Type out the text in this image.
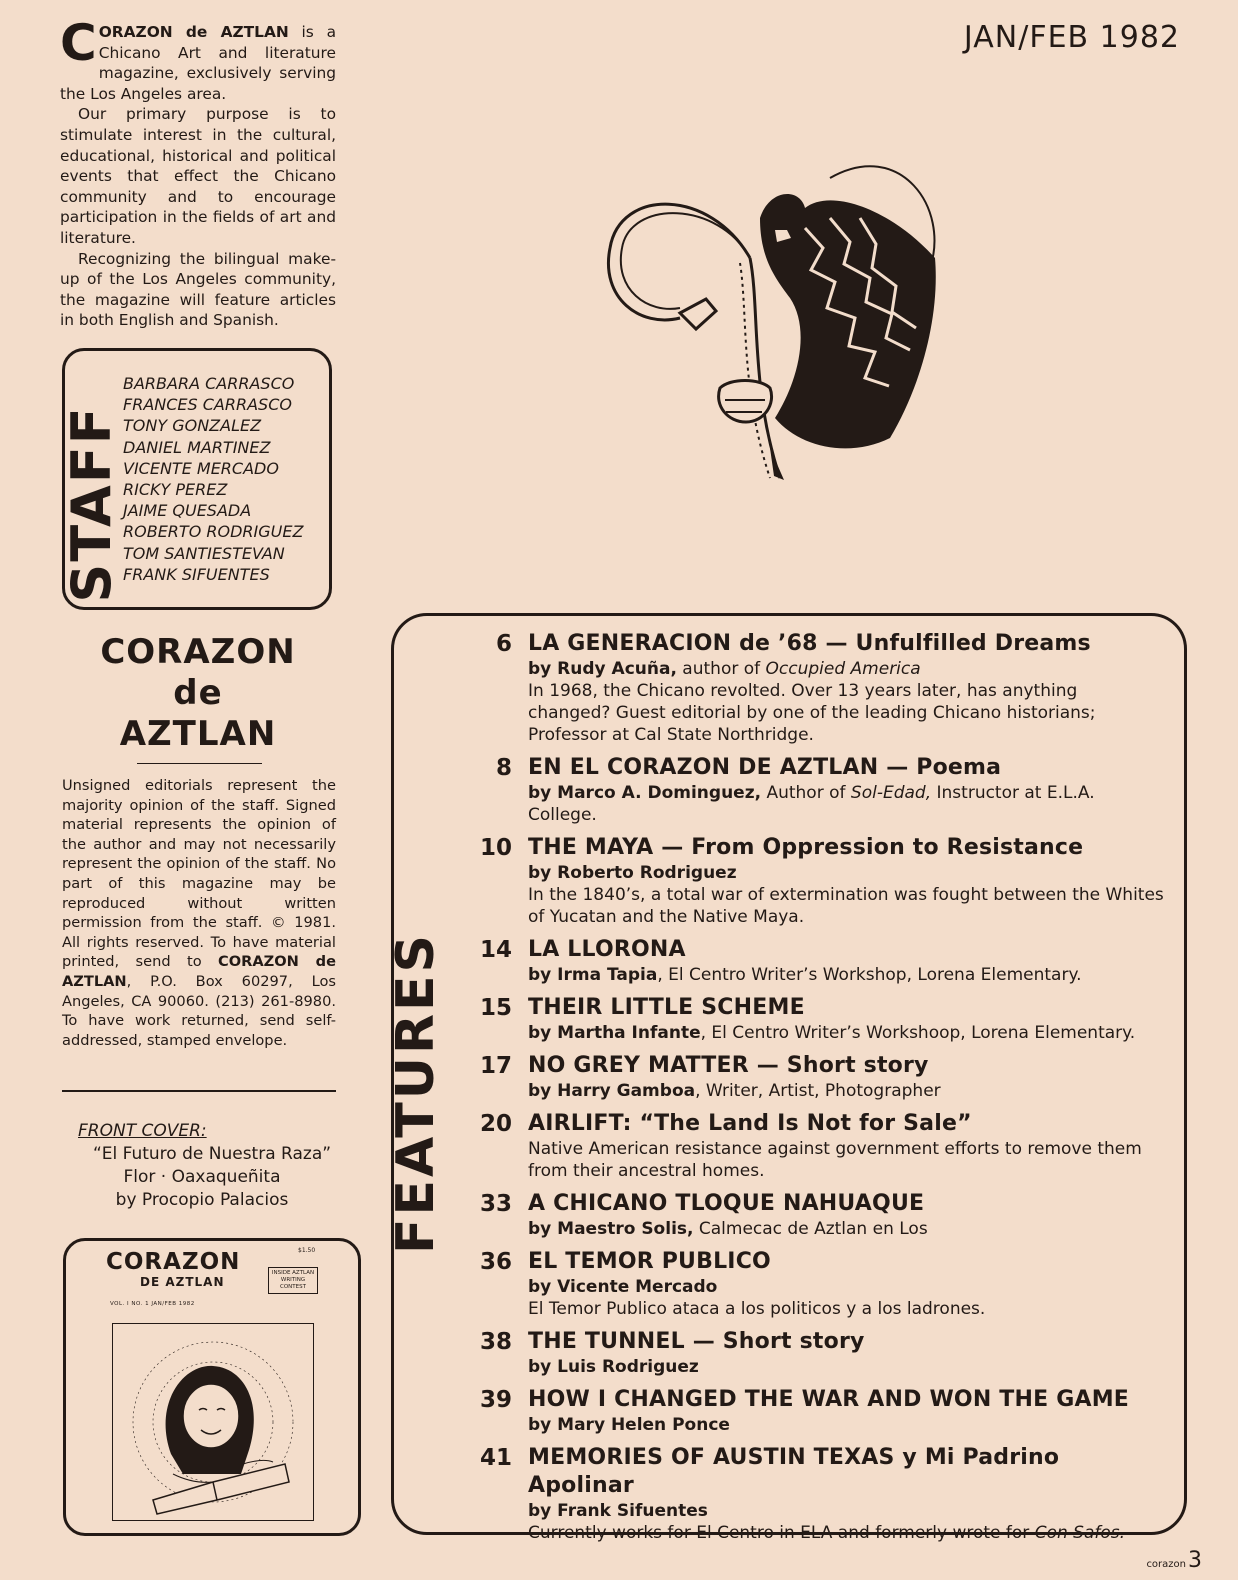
CORAZON de AZTLAN is a Chicano Art and literature magazine, exclusively serving the Los Angeles area.

Our primary purpose is to stimulate interest in the cultural, educational, historical and political events that effect the Chicano community and to encourage participation in the fields of art and literature.

Recognizing the bilingual make-up of the Los Angeles community, the magazine will feature articles in both English and Spanish.

JAN/FEB 1982
STAFF
BARBARA CARRASCO
FRANCES CARRASCO
TONY GONZALEZ
DANIEL MARTINEZ
VICENTE MERCADO
RICKY PEREZ
JAIME QUESADA
ROBERTO RODRIGUEZ
TOM SANTIESTEVAN
FRANK SIFUENTES
CORAZON
de
AZTLAN
Unsigned editorials represent the majority opinion of the staff. Signed material represents the opinion of the author and may not necessarily represent the opinion of the staff. No part of this magazine may be reproduced without written permission from the staff. © 1981. All rights reserved. To have material printed, send to CORAZON de AZTLAN, P.O. Box 60297, Los Angeles, CA 90060. (213) 261-8980. To have work returned, send self-addressed, stamped envelope.
FRONT COVER:
“El Futuro de Nuestra Raza”
Flor · Oaxaqueñita
by Procopio Palacios
CORAZON
DE AZTLAN
$1.50
INSIDE AZTLAN WRITING CONTEST
VOL. I NO. 1 JAN/FEB 1982
FEATURES
6 LA GENERACION de ’68 — Unfulfilled Dreams
by Rudy Acuña, author of Occupied America
In 1968, the Chicano revolted. Over 13 years later, has anything changed? Guest editorial by one of the leading Chicano historians; Professor at Cal State Northridge.
8 EN EL CORAZON DE AZTLAN — Poema
by Marco A. Dominguez, Author of Sol-Edad, Instructor at E.L.A. College.
10 THE MAYA — From Oppression to Resistance
by Roberto Rodriguez
In the 1840’s, a total war of extermination was fought between the Whites of Yucatan and the Native Maya.
14 LA LLORONA
by Irma Tapia, El Centro Writer’s Workshop, Lorena Elementary.
15 THEIR LITTLE SCHEME
by Martha Infante, El Centro Writer’s Workshoop, Lorena Elementary.
17 NO GREY MATTER — Short story
by Harry Gamboa, Writer, Artist, Photographer
20 AIRLIFT: “The Land Is Not for Sale”
Native American resistance against government efforts to remove them from their ancestral homes.
33 A CHICANO TLOQUE NAHUAQUE
by Maestro Solis, Calmecac de Aztlan en Los
36 EL TEMOR PUBLICO
by Vicente Mercado
El Temor Publico ataca a los politicos y a los ladrones.
38 THE TUNNEL — Short story
by Luis Rodriguez
39 HOW I CHANGED THE WAR AND WON THE GAME
by Mary Helen Ponce
41 MEMORIES OF AUSTIN TEXAS y Mi Padrino Apolinar
by Frank Sifuentes
Currently works for El Centro in ELA and formerly wrote for Con Safos.
corazon3
